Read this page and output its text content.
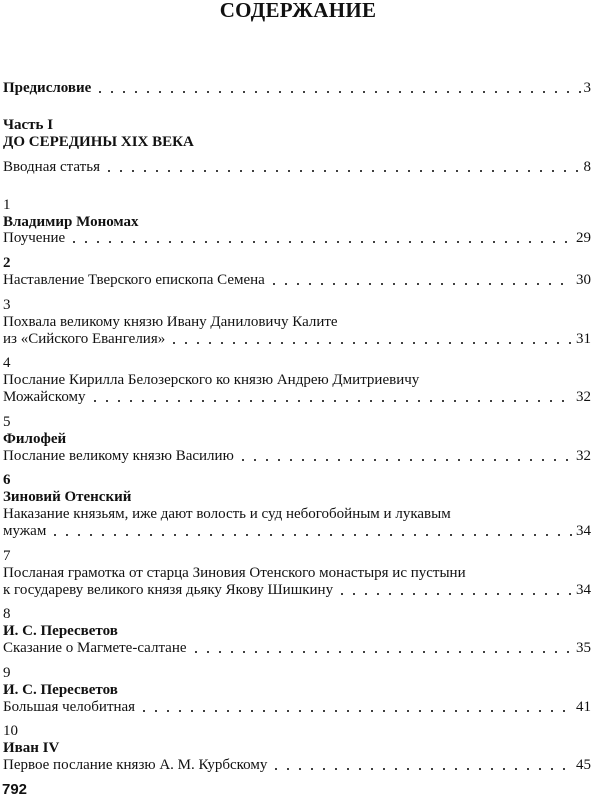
СОДЕРЖАНИЕ
Предисловие	3
Часть I
ДО СЕРЕДИНЫ XIX ВЕКА
Вводная статья	8
1
Владимир Мономах
Поучение	29
2
Наставление Тверского епископа Семена	30
3
Похвала великому князю Ивану Даниловичу Калите
из «Сийского Евангелия»	31
4
Послание Кирилла Белозерского ко князю Андрею Дмитриевичу
Можайскому	32
5
Филофей
Послание великому князю Василию	32
6
Зиновий Отенский
Наказание князьям, иже дают волость и суд небогобойным и лукавым
мужам	34
7
Посланая грамотка от старца Зиновия Отенского монастыря ис пустыни
к государеву великого князя дьяку Якову Шишкину	34
8
И. С. Пересветов
Сказание о Магмете-салтане	35
9
И. С. Пересветов
Большая челобитная	41
10
Иван IV
Первое послание князю А. М. Курбскому	45
792
